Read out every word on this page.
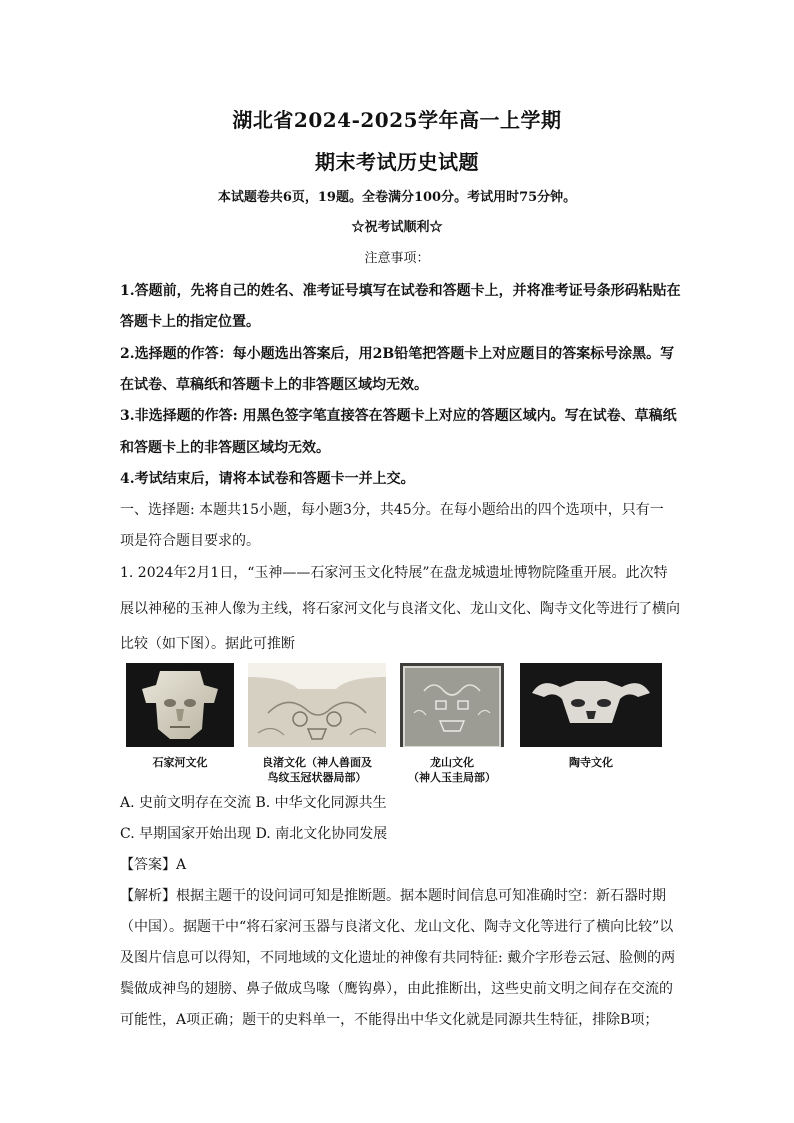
湖北省2024-2025学年高一上学期
期末考试历史试题
本试题卷共6页，19题。全卷满分100分。考试用时75分钟。
☆祝考试顺利☆
注意事项：
1.答题前，先将自己的姓名、准考证号填写在试卷和答题卡上，并将准考证号条形码粘贴在
答题卡上的指定位置。
2.选择题的作答：每小题选出答案后，用2B铅笔把答题卡上对应题目的答案标号涂黑。写
在试卷、草稿纸和答题卡上的非答题区域均无效。
3.非选择题的作答: 用黑色签字笔直接答在答题卡上对应的答题区域内。写在试卷、草稿纸
和答题卡上的非答题区域均无效。
4.考试结束后，请将本试卷和答题卡一并上交。
一、选择题: 本题共15小题，每小题3分，共45分。在每小题给出的四个选项中，只有一
项是符合题目要求的。
1. 2024年2月1日，“玉神——石家河玉文化特展”在盘龙城遗址博物院隆重开展。此次特
展以神秘的玉神人像为主线，将石家河文化与良渚文化、龙山文化、陶寺文化等进行了横向
比较（如下图）。据此可推断
石家河文化	良渚文化（神人兽面及
鸟纹玉冠状器局部）
龙山文化
（神人玉圭局部）
陶寺文化
A. 史前文明存在交流 B. 中华文化同源共生
C. 早期国家开始出现 D. 南北文化协同发展
【答案】A
【解析】根据主题干的设问词可知是推断题。据本题时间信息可知准确时空：新石器时期
（中国）。据题干中“将石家河玉器与良渚文化、龙山文化、陶寺文化等进行了横向比较”以
及图片信息可以得知，不同地域的文化遗址的神像有共同特征: 戴介字形卷云冠、脸侧的两
鬓做成神鸟的翅膀、鼻子做成鸟喙（鹰钩鼻），由此推断出，这些史前文明之间存在交流的
可能性，A项正确；题干的史料单一，不能得出中华文化就是同源共生特征，排除B项；
